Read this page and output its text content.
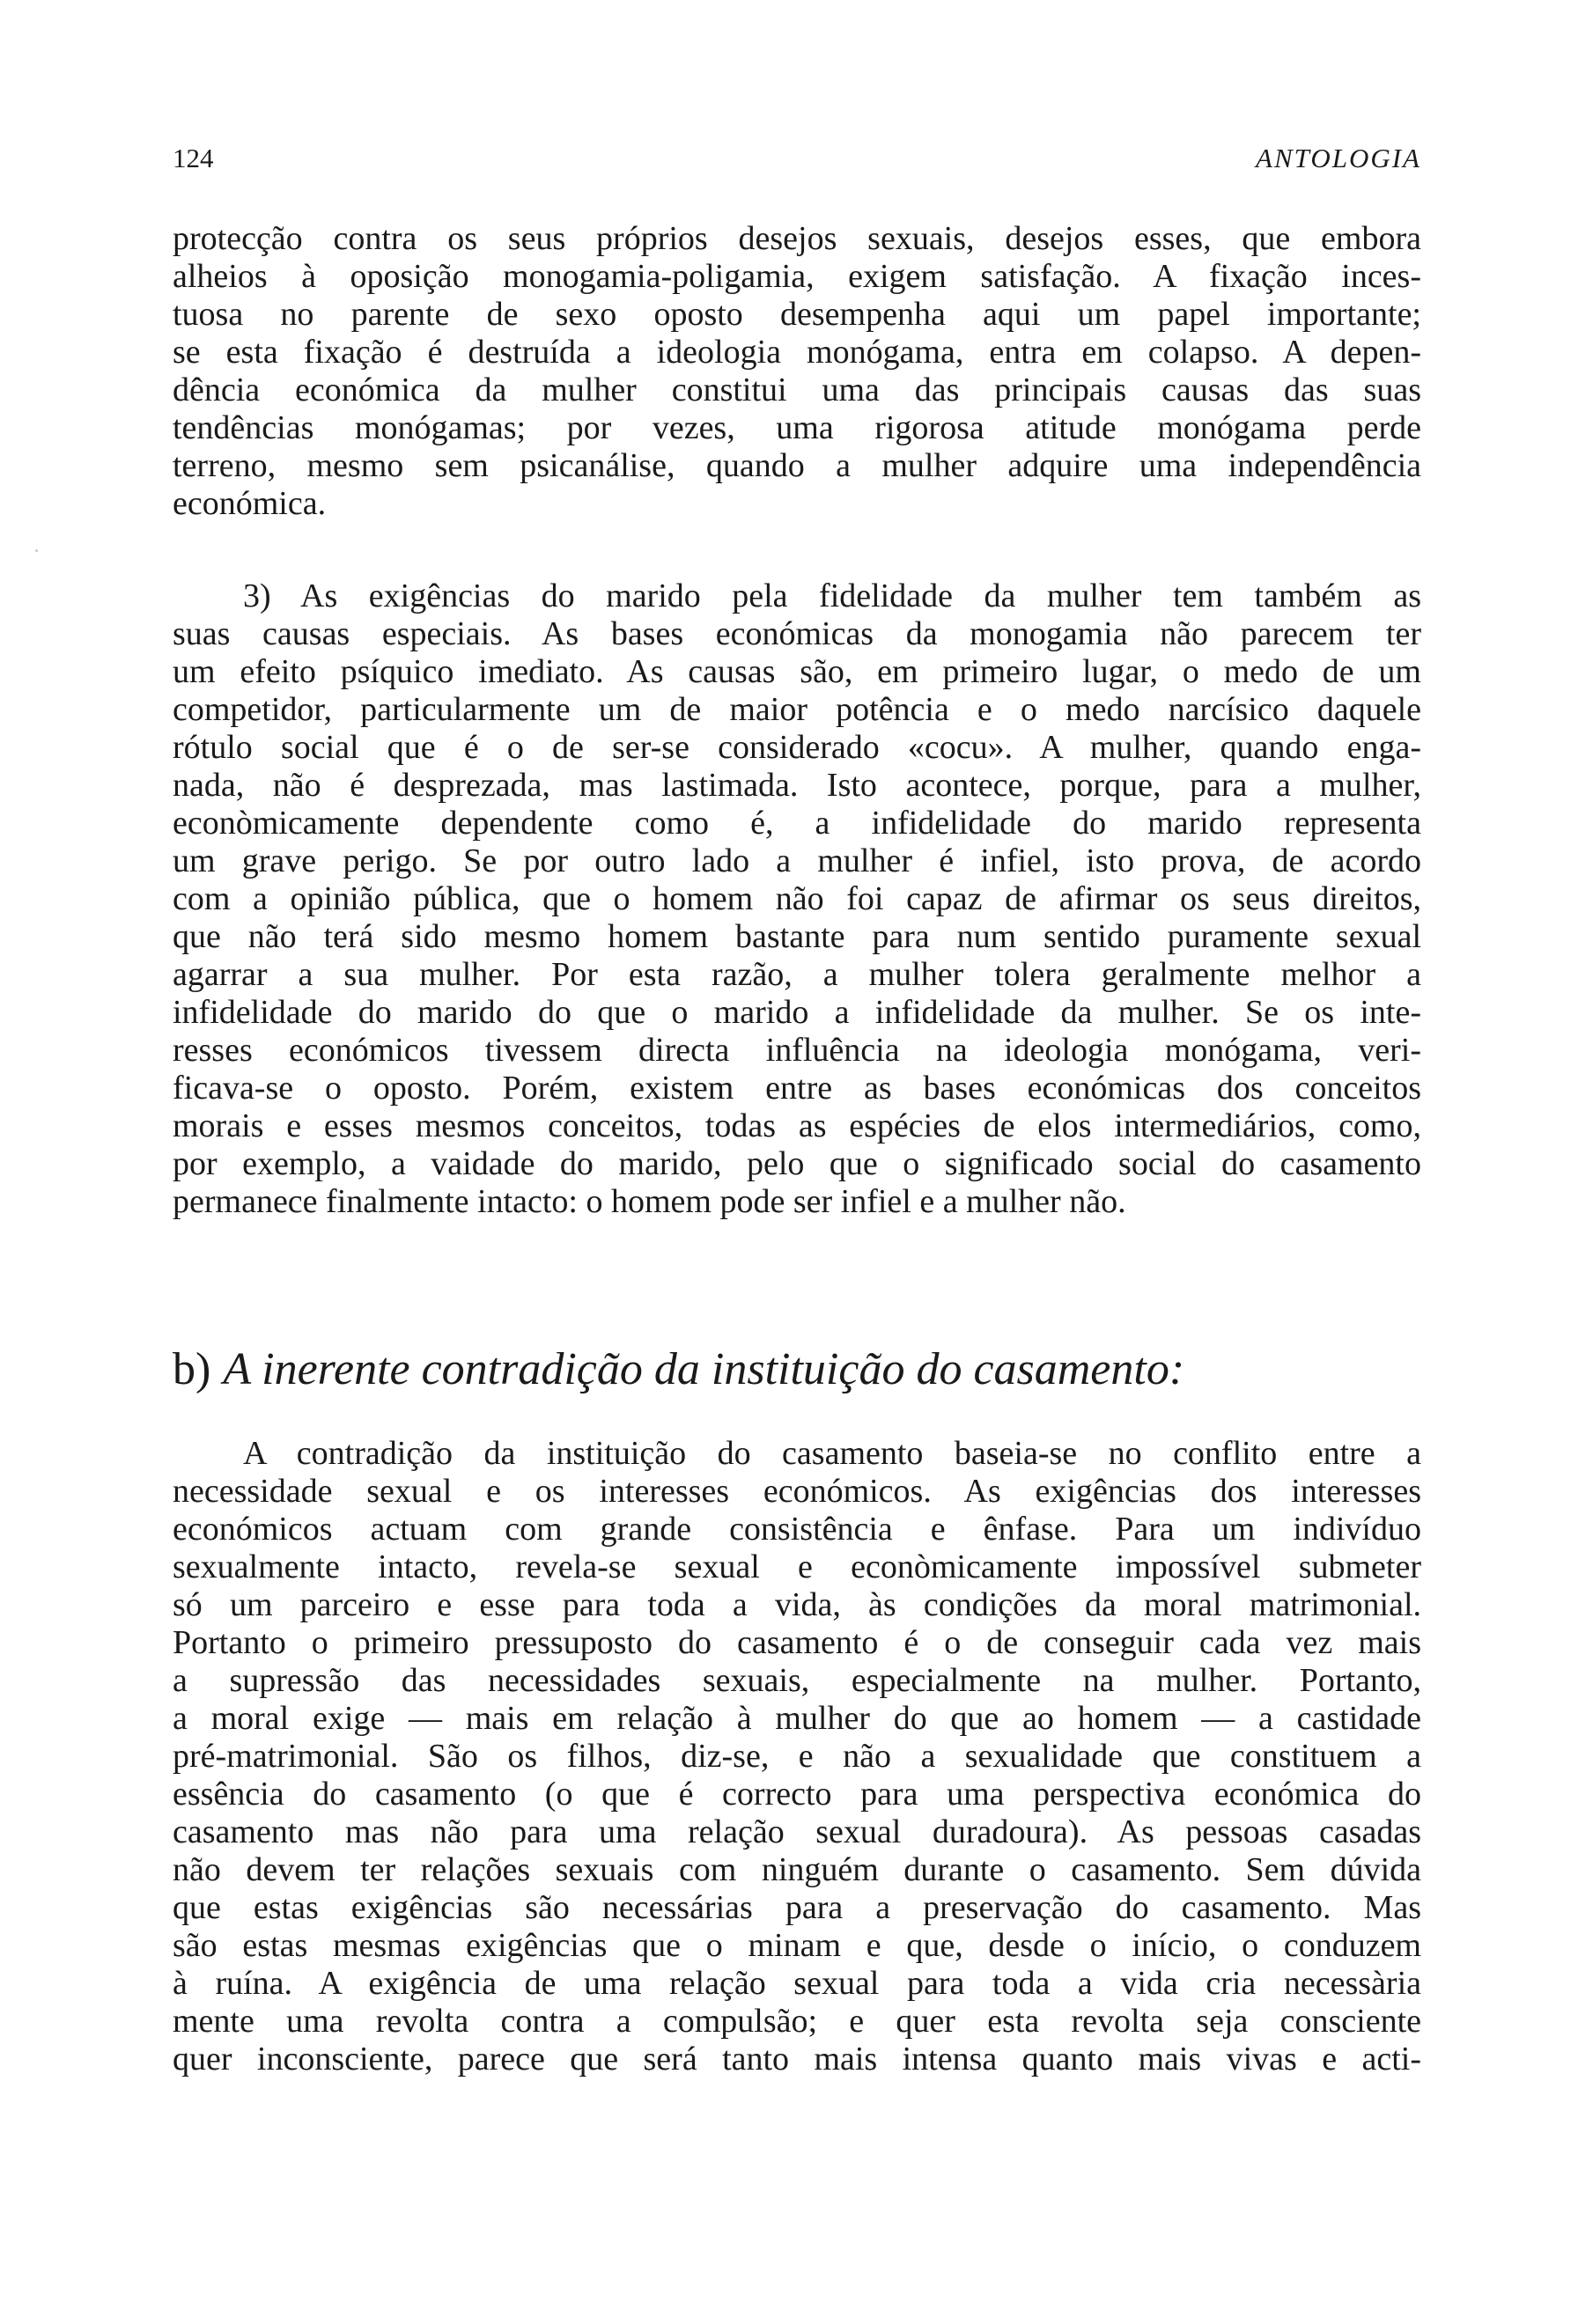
124	ANTOLOGIA
protecção contra os seus próprios desejos sexuais, desejos esses, que embora
alheios à oposição monogamia-poligamia, exigem satisfação. A fixação inces-
tuosa no parente de sexo oposto desempenha aqui um papel importante;
se esta fixação é destruída a ideologia monógama, entra em colapso. A depen-
dência económica da mulher constitui uma das principais causas das suas
tendências monógamas; por vezes, uma rigorosa atitude monógama perde
terreno, mesmo sem psicanálise, quando a mulher adquire uma independência
económica.
3) As exigências do marido pela fidelidade da mulher tem também as
suas causas especiais. As bases económicas da monogamia não parecem ter
um efeito psíquico imediato. As causas são, em primeiro lugar, o medo de um
competidor, particularmente um de maior potência e o medo narcísico daquele
rótulo social que é o de ser-se considerado «cocu». A mulher, quando enga-
nada, não é desprezada, mas lastimada. Isto acontece, porque, para a mulher,
econòmicamente dependente como é, a infidelidade do marido representa
um grave perigo. Se por outro lado a mulher é infiel, isto prova, de acordo
com a opinião pública, que o homem não foi capaz de afirmar os seus direitos,
que não terá sido mesmo homem bastante para num sentido puramente sexual
agarrar a sua mulher. Por esta razão, a mulher tolera geralmente melhor a
infidelidade do marido do que o marido a infidelidade da mulher. Se os inte-
resses económicos tivessem directa influência na ideologia monógama, veri-
ficava-se o oposto. Porém, existem entre as bases económicas dos conceitos
morais e esses mesmos conceitos, todas as espécies de elos intermediários, como,
por exemplo, a vaidade do marido, pelo que o significado social do casamento
permanece finalmente intacto: o homem pode ser infiel e a mulher não.
b) A inerente contradição da instituição do casamento:
A contradição da instituição do casamento baseia-se no conflito entre a
necessidade sexual e os interesses económicos. As exigências dos interesses
económicos actuam com grande consistência e ênfase. Para um indivíduo
sexualmente intacto, revela-se sexual e econòmicamente impossível submeter
só um parceiro e esse para toda a vida, às condições da moral matrimonial.
Portanto o primeiro pressuposto do casamento é o de conseguir cada vez mais
a supressão das necessidades sexuais, especialmente na mulher. Portanto,
a moral exige — mais em relação à mulher do que ao homem — a castidade
pré-matrimonial. São os filhos, diz-se, e não a sexualidade que constituem a
essência do casamento (o que é correcto para uma perspectiva económica do
casamento mas não para uma relação sexual duradoura). As pessoas casadas
não devem ter relações sexuais com ninguém durante o casamento. Sem dúvida
que estas exigências são necessárias para a preservação do casamento. Mas
são estas mesmas exigências que o minam e que, desde o início, o conduzem
à ruína. A exigência de uma relação sexual para toda a vida cria necessària
mente uma revolta contra a compulsão; e quer esta revolta seja consciente
quer inconsciente, parece que será tanto mais intensa quanto mais vivas e acti-
